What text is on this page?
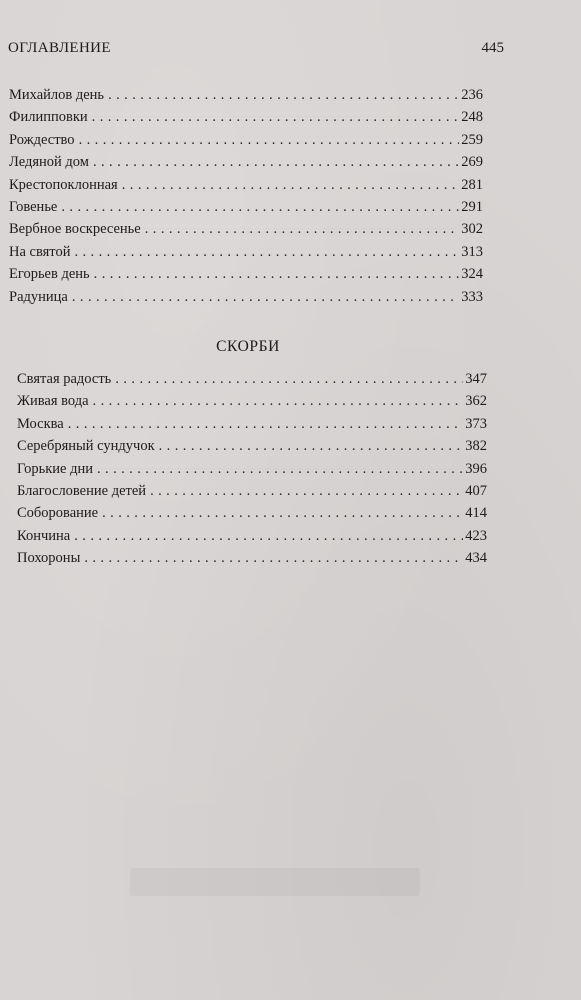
ОГЛАВЛЕНИЕ	445
Михайлов день . . .	236
Филипповки . . .	248
Рождество . . .	259
Ледяной дом . . .	269
Крестопоклонная . . .	281
Говенье . . .	291
Вербное воскресенье . . .	302
На святой . . .	313
Егорьев день . . .	324
Радуница . . .	333
СКОРБИ
Святая радость . . .	347
Живая вода . . .	362
Москва . . .	373
Серебряный сундучок . . .	382
Горькие дни . . .	396
Благословение детей . . .	407
Соборование . . .	414
Кончина . . .	423
Похороны . . .	434
